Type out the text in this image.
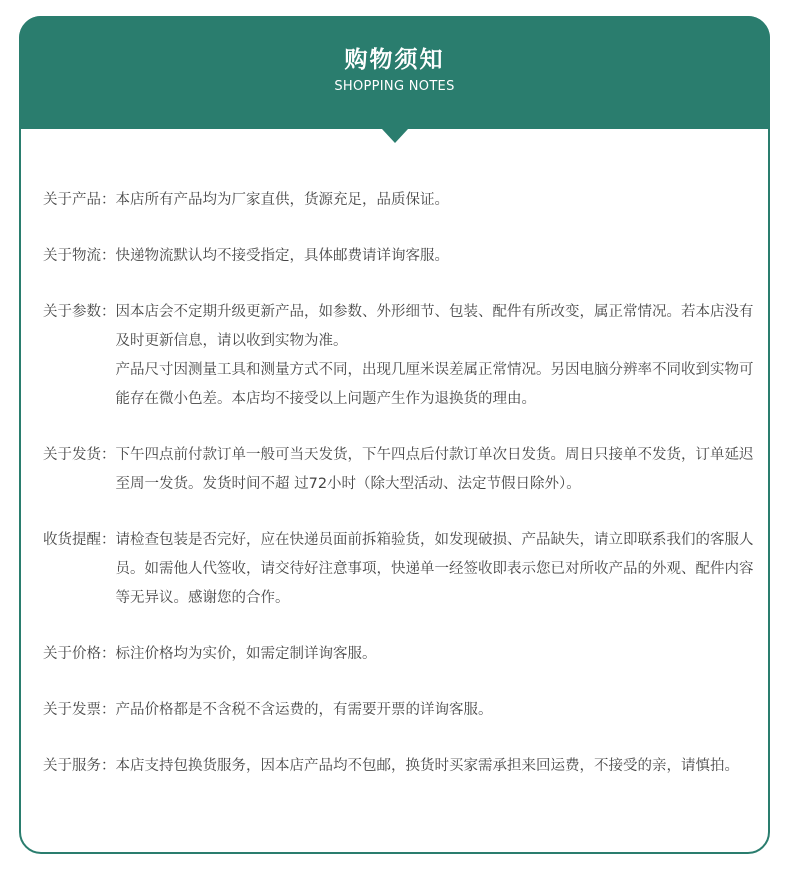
购物须知
SHOPPING NOTES
关于产品： 本店所有产品均为厂家直供，货源充足，品质保证。

关于物流： 快递物流默认均不接受指定，具体邮费请详询客服。

关于参数： 因本店会不定期升级更新产品，如参数、外形细节、包装、配件有所改变，属正常情况。若本店没有及时更新信息，请以收到实物为准。

产品尺寸因测量工具和测量方式不同，出现几厘米误差属正常情况。另因电脑分辨率不同收到实物可能存在微小色差。本店均不接受以上问题产生作为退换货的理由。

关于发货： 下午四点前付款订单一般可当天发货，下午四点后付款订单次日发货。周日只接单不发货，订单延迟至周一发货。发货时间不超 过72小时（除大型活动、法定节假日除外）。

收货提醒： 请检查包装是否完好，应在快递员面前拆箱验货，如发现破损、产品缺失，请立即联系我们的客服人员。如需他人代签收，请交待好注意事项，快递单一经签收即表示您已对所收产品的外观、配件内容等无异议。感谢您的合作。

关于价格： 标注价格均为实价，如需定制详询客服。

关于发票： 产品价格都是不含税不含运费的，有需要开票的详询客服。

关于服务： 本店支持包换货服务，因本店产品均不包邮，换货时买家需承担来回运费，不接受的亲，请慎拍。
